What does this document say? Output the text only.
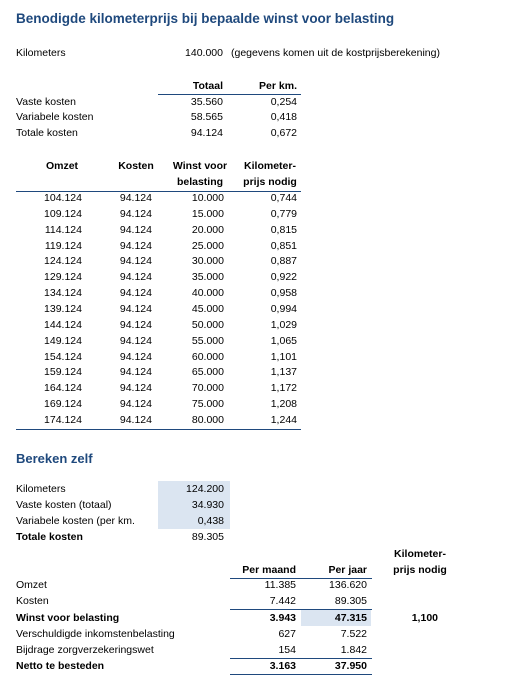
Benodigde kilometerprijs bij bepaalde winst voor belasting
Kilometers	140.000 (gegevens komen uit de kostprijsberekening)
Totaal	Per km.
Vaste kosten	35.560	0,254
Variabele kosten	58.565	0,418
Totale kosten	94.124	0,672
Omzet	Kosten	Winst voor
belasting
Kilometer-
prijs nodig
104.124	94.124	10.000	0,744
109.124	94.124	15.000	0,779
114.124	94.124	20.000	0,815
119.124	94.124	25.000	0,851
124.124	94.124	30.000	0,887
129.124	94.124	35.000	0,922
134.124	94.124	40.000	0,958
139.124	94.124	45.000	0,994
144.124	94.124	50.000	1,029
149.124	94.124	55.000	1,065
154.124	94.124	60.000	1,101
159.124	94.124	65.000	1,137
164.124	94.124	70.000	1,172
169.124	94.124	75.000	1,208
174.124	94.124	80.000	1,244
Bereken zelf
Kilometers	124.200
Vaste kosten (totaal)	34.930
Variabele kosten (per km.	0,438
Totale kosten	89.305
Kilometer-
prijs nodig
Per maand	Per jaar
Omzet	11.385	136.620
Kosten	7.442	89.305
Winst voor belasting	3.943	47.315	1,100
Verschuldigde inkomstenbelasting	627	7.522
Bijdrage zorgverzekeringswet	154	1.842
Netto te besteden	3.163	37.950
